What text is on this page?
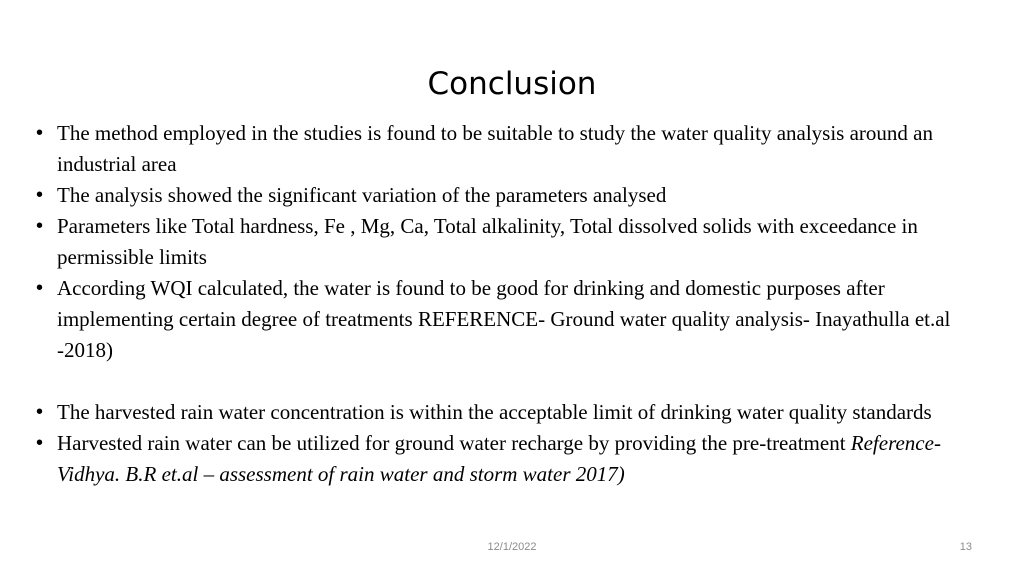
Conclusion
• The method employed in the studies is found to be suitable to study the water quality analysis around an industrial area
• The analysis showed the significant variation of the parameters analysed
• Parameters like Total hardness, Fe , Mg, Ca, Total alkalinity, Total dissolved solids with exceedance in permissible limits
• According WQI calculated, the water is found to be good for drinking and domestic purposes after implementing certain degree of treatments REFERENCE- Ground water quality analysis- Inayathulla et.al -2018)
• The harvested rain water concentration is within the acceptable limit of drinking water quality standards
• Harvested rain water can be utilized for ground water recharge by providing the pre-treatment Reference- Vidhya. B.R et.al – assessment of rain water and storm water 2017)
12/1/2022	13
